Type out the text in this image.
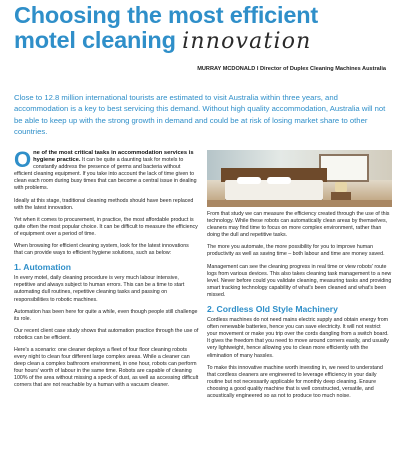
Choosing the most efficient motel cleaning innovation
MURRAY MCDONALD I Director of Duplex Cleaning Machines Australia

Close to 12.8 million international tourists are estimated to visit Australia within three years, and accommodation is a key to best servicing this demand. Without high quality accommodation, Australia will not be able to keep up with the strong growth in demand and could be at risk of losing market share to other countries.

One of the most critical tasks in accommodation services is hygiene practice. It can be quite a daunting task for motels to constantly address the presence of germs and bacteria without efficient cleaning equipment. If you take into account the lack of time given to clean each room during busy times that can become a central issue in dealing with problems.

Ideally at this stage, traditional cleaning methods should have been replaced with the latest innovation.

Yet when it comes to procurement, in practice, the most affordable product is quite often the most popular choice. It can be difficult to measure the efficiency of equipment over a period of time.

When browsing for efficient cleaning system, look for the latest innovations that can provide ways to efficient hygiene solutions, such as below:

1. Automation

In every motel, daily cleaning procedure is very much labour intensive, repetitive and always subject to human errors. This can be a time to start automating dull routines, repetitive cleaning tasks and passing on responsibilities to robotic machines.

Automation has been here for quite a while, even though people still challenge its role.

Our recent client case study shows that automation practice through the use of robotics can be efficient.

Here's a scenario: one cleaner deploys a fleet of four floor cleaning robots every night to clean four different large complex areas. While a cleaner can deep clean a complex bathroom environment, in one hour, robots can perform four hours' worth of labour in the same time. Robots are capable of cleaning 100% of the area without missing a speck of dust, as well as accessing difficult corners that are not reachable by a human with a vacuum cleaner.

From that study we can measure the efficiency created through the use of this technology. While these robots can automatically clean areas by themselves, cleaners may find time to focus on more complex environment, rather than doing the dull and repetitive tasks.

The more you automate, the more possibility for you to improve human productivity as well as saving time – both labour and time are money saved.

Management can see the cleaning progress in real time or view robots' route logs from various devices. This also takes cleaning task management to a new level. Never before could you validate cleaning, measuring tasks and providing smart tracking technology capability of what's been cleaned and what's been missed.

2. Cordless Old Style Machinery

Cordless machines do not need mains electric supply and obtain energy from often renewable batteries, hence you can save electricity. It will not restrict your movement or make you trip over the cords dangling from a switch board. It gives the freedom that you need to move around corners easily, and usually very lightweight, hence allowing you to clean more efficiently with the elimination of many hassles.

To make this innovative machine worth investing in, we need to understand that cordless cleaners are engineered to leverage efficiency in your daily routine but not necessarily applicable for monthly deep cleaning. Ensure choosing a good quality machine that is well constructed, versatile, and acoustically engineered so as not to produce too much noise.
